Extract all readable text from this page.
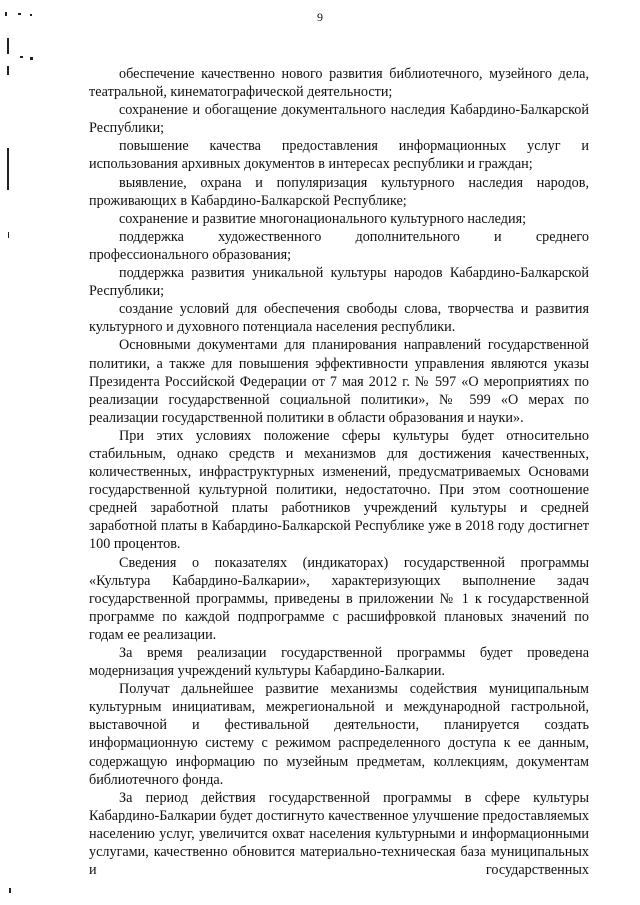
9

обеспечение качественно нового развития библиотечного, музейного дела, театральной, кинематографической деятельности;

сохранение и обогащение документального наследия Кабардино-Балкарской Республики;

повышение качества предоставления информационных услуг и использования архивных документов в интересах республики и граждан;

выявление, охрана и популяризация культурного наследия народов, проживающих в Кабардино-Балкарской Республике;

сохранение и развитие многонационального культурного наследия;

поддержка художественного дополнительного и среднего профессионального образования;

поддержка развития уникальной культуры народов Кабардино-Балкарской Республики;

создание условий для обеспечения свободы слова, творчества и развития культурного и духовного потенциала населения республики.

Основными документами для планирования направлений государственной политики, а также для повышения эффективности управления являются указы Президента Российской Федерации от 7 мая 2012 г. № 597 «О мероприятиях по реализации государственной социальной политики», № 599 «О мерах по реализации государственной политики в области образования и науки».

При этих условиях положение сферы культуры будет относительно стабильным, однако средств и механизмов для достижения качественных, количественных, инфраструктурных изменений, предусматриваемых Основами государственной культурной политики, недостаточно. При этом соотношение средней заработной платы работников учреждений культуры и средней заработной платы в Кабардино-Балкарской Республике уже в 2018 году достигнет 100 процентов.

Сведения о показателях (индикаторах) государственной программы «Культура Кабардино-Балкарии», характеризующих выполнение задач государственной программы, приведены в приложении № 1 к государственной программе по каждой подпрограмме с расшифровкой плановых значений по годам ее реализации.

За время реализации государственной программы будет проведена модернизация учреждений культуры Кабардино-Балкарии.

Получат дальнейшее развитие механизмы содействия муниципальным культурным инициативам, межрегиональной и международной гастрольной, выставочной и фестивальной деятельности, планируется создать информационную систему с режимом распределенного доступа к ее данным, содержащую информацию по музейным предметам, коллекциям, документам библиотечного фонда.

За период действия государственной программы в сфере культуры Кабардино-Балкарии будет достигнуто качественное улучшение предоставляемых населению услуг, увеличится охват населения культурными и информационными услугами, качественно обновится материально-техническая база муниципальных и государственных
